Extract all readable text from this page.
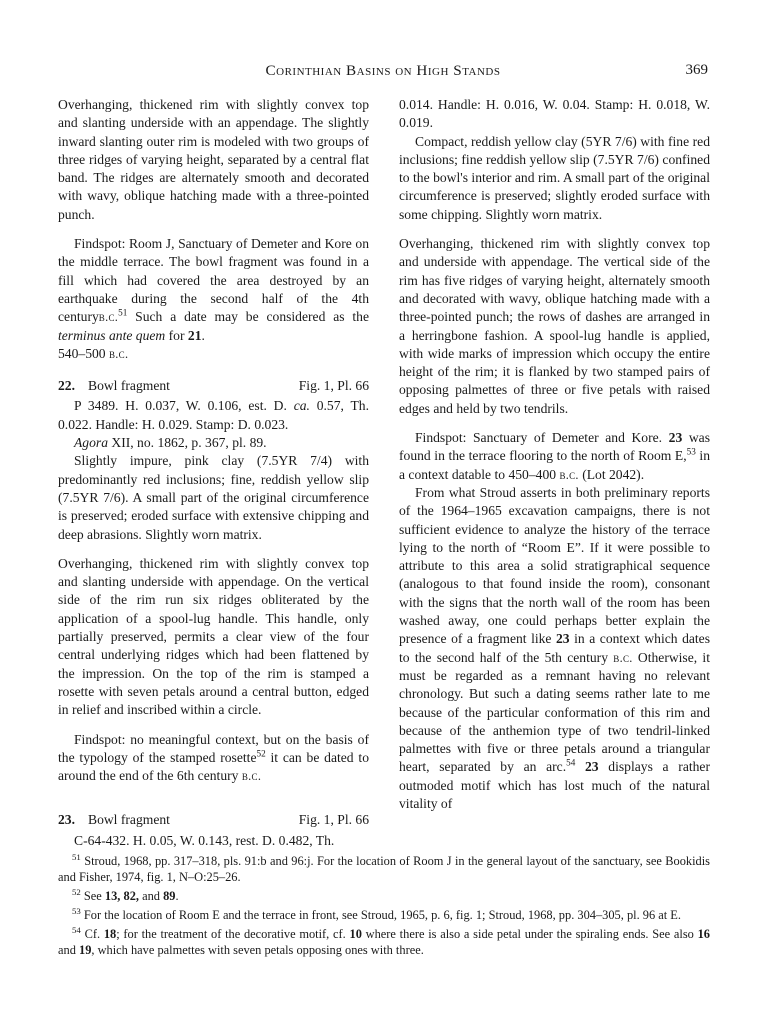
Corinthian Basins on High Stands	369

Overhanging, thickened rim with slightly convex top and slanting underside with an appendage. The slightly inward slanting outer rim is modeled with two groups of three ridges of varying height, separated by a central flat band. The ridges are alternately smooth and decorated with wavy, oblique hatching made with a three-pointed punch.

Findspot: Room J, Sanctuary of Demeter and Kore on the middle terrace. The bowl fragment was found in a fill which had covered the area destroyed by an earthquake during the second half of the 4th centuryb.c.$^{51}$ Such a date may be considered as the terminus ante quem for 21.

540–500 b.c.

22. Bowl fragment	Fig. 1, Pl. 66

P 3489. H. 0.037, W. 0.106, est. D. ca. 0.57, Th. 0.022. Handle: H. 0.029. Stamp: D. 0.023.

Agora XII, no. 1862, p. 367, pl. 89.

Slightly impure, pink clay (7.5YR 7/4) with predominantly red inclusions; fine, reddish yellow slip (7.5YR 7/6). A small part of the original circumference is preserved; eroded surface with extensive chipping and deep abrasions. Slightly worn matrix.

Overhanging, thickened rim with slightly convex top and slanting underside with appendage. On the vertical side of the rim run six ridges obliterated by the application of a spool-lug handle. This handle, only partially preserved, permits a clear view of the four central underlying ridges which had been flattened by the impression. On the top of the rim is stamped a rosette with seven petals around a central button, edged in relief and inscribed within a circle.

Findspot: no meaningful context, but on the basis of the typology of the stamped rosette$^{52}$ it can be dated to around the end of the 6th century b.c.

23. Bowl fragment	Fig. 1, Pl. 66

C-64-432. H. 0.05, W. 0.143, rest. D. 0.482, Th.

0.014. Handle: H. 0.016, W. 0.04. Stamp: H. 0.018, W. 0.019.

Compact, reddish yellow clay (5YR 7/6) with fine red inclusions; fine reddish yellow slip (7.5YR 7/6) confined to the bowl's interior and rim. A small part of the original circumference is preserved; slightly eroded surface with some chipping. Slightly worn matrix.

Overhanging, thickened rim with slightly convex top and underside with appendage. The vertical side of the rim has five ridges of varying height, alternately smooth and decorated with wavy, oblique hatching made with a three-pointed punch; the rows of dashes are arranged in a herringbone fashion. A spool-lug handle is applied, with wide marks of impression which occupy the entire height of the rim; it is flanked by two stamped pairs of opposing palmettes of three or five petals with raised edges and held by two tendrils.

Findspot: Sanctuary of Demeter and Kore. 23 was found in the terrace flooring to the north of Room E,$^{53}$ in a context datable to 450–400 b.c. (Lot 2042).

From what Stroud asserts in both preliminary reports of the 1964–1965 excavation campaigns, there is not sufficient evidence to analyze the history of the terrace lying to the north of “Room E”. If it were possible to attribute to this area a solid stratigraphical sequence (analogous to that found inside the room), consonant with the signs that the north wall of the room has been washed away, one could perhaps better explain the presence of a fragment like 23 in a context which dates to the second half of the 5th century b.c. Otherwise, it must be regarded as a remnant having no relevant chronology. But such a dating seems rather late to me because of the particular conformation of this rim and because of the anthemion type of two tendril-linked palmettes with five or three petals around a triangular heart, separated by an arc.$^{54}$ 23 displays a rather outmoded motif which has lost much of the natural vitality of

$^{51}$ Stroud, 1968, pp. 317–318, pls. 91:b and 96:j. For the location of Room J in the general layout of the sanctuary, see Bookidis and Fisher, 1974, fig. 1, N–O:25–26.

$^{52}$ See 13, 82, and 89.

$^{53}$ For the location of Room E and the terrace in front, see Stroud, 1965, p. 6, fig. 1; Stroud, 1968, pp. 304–305, pl. 96 at E.

$^{54}$ Cf. 18; for the treatment of the decorative motif, cf. 10 where there is also a side petal under the spiraling ends. See also 16 and 19, which have palmettes with seven petals opposing ones with three.
